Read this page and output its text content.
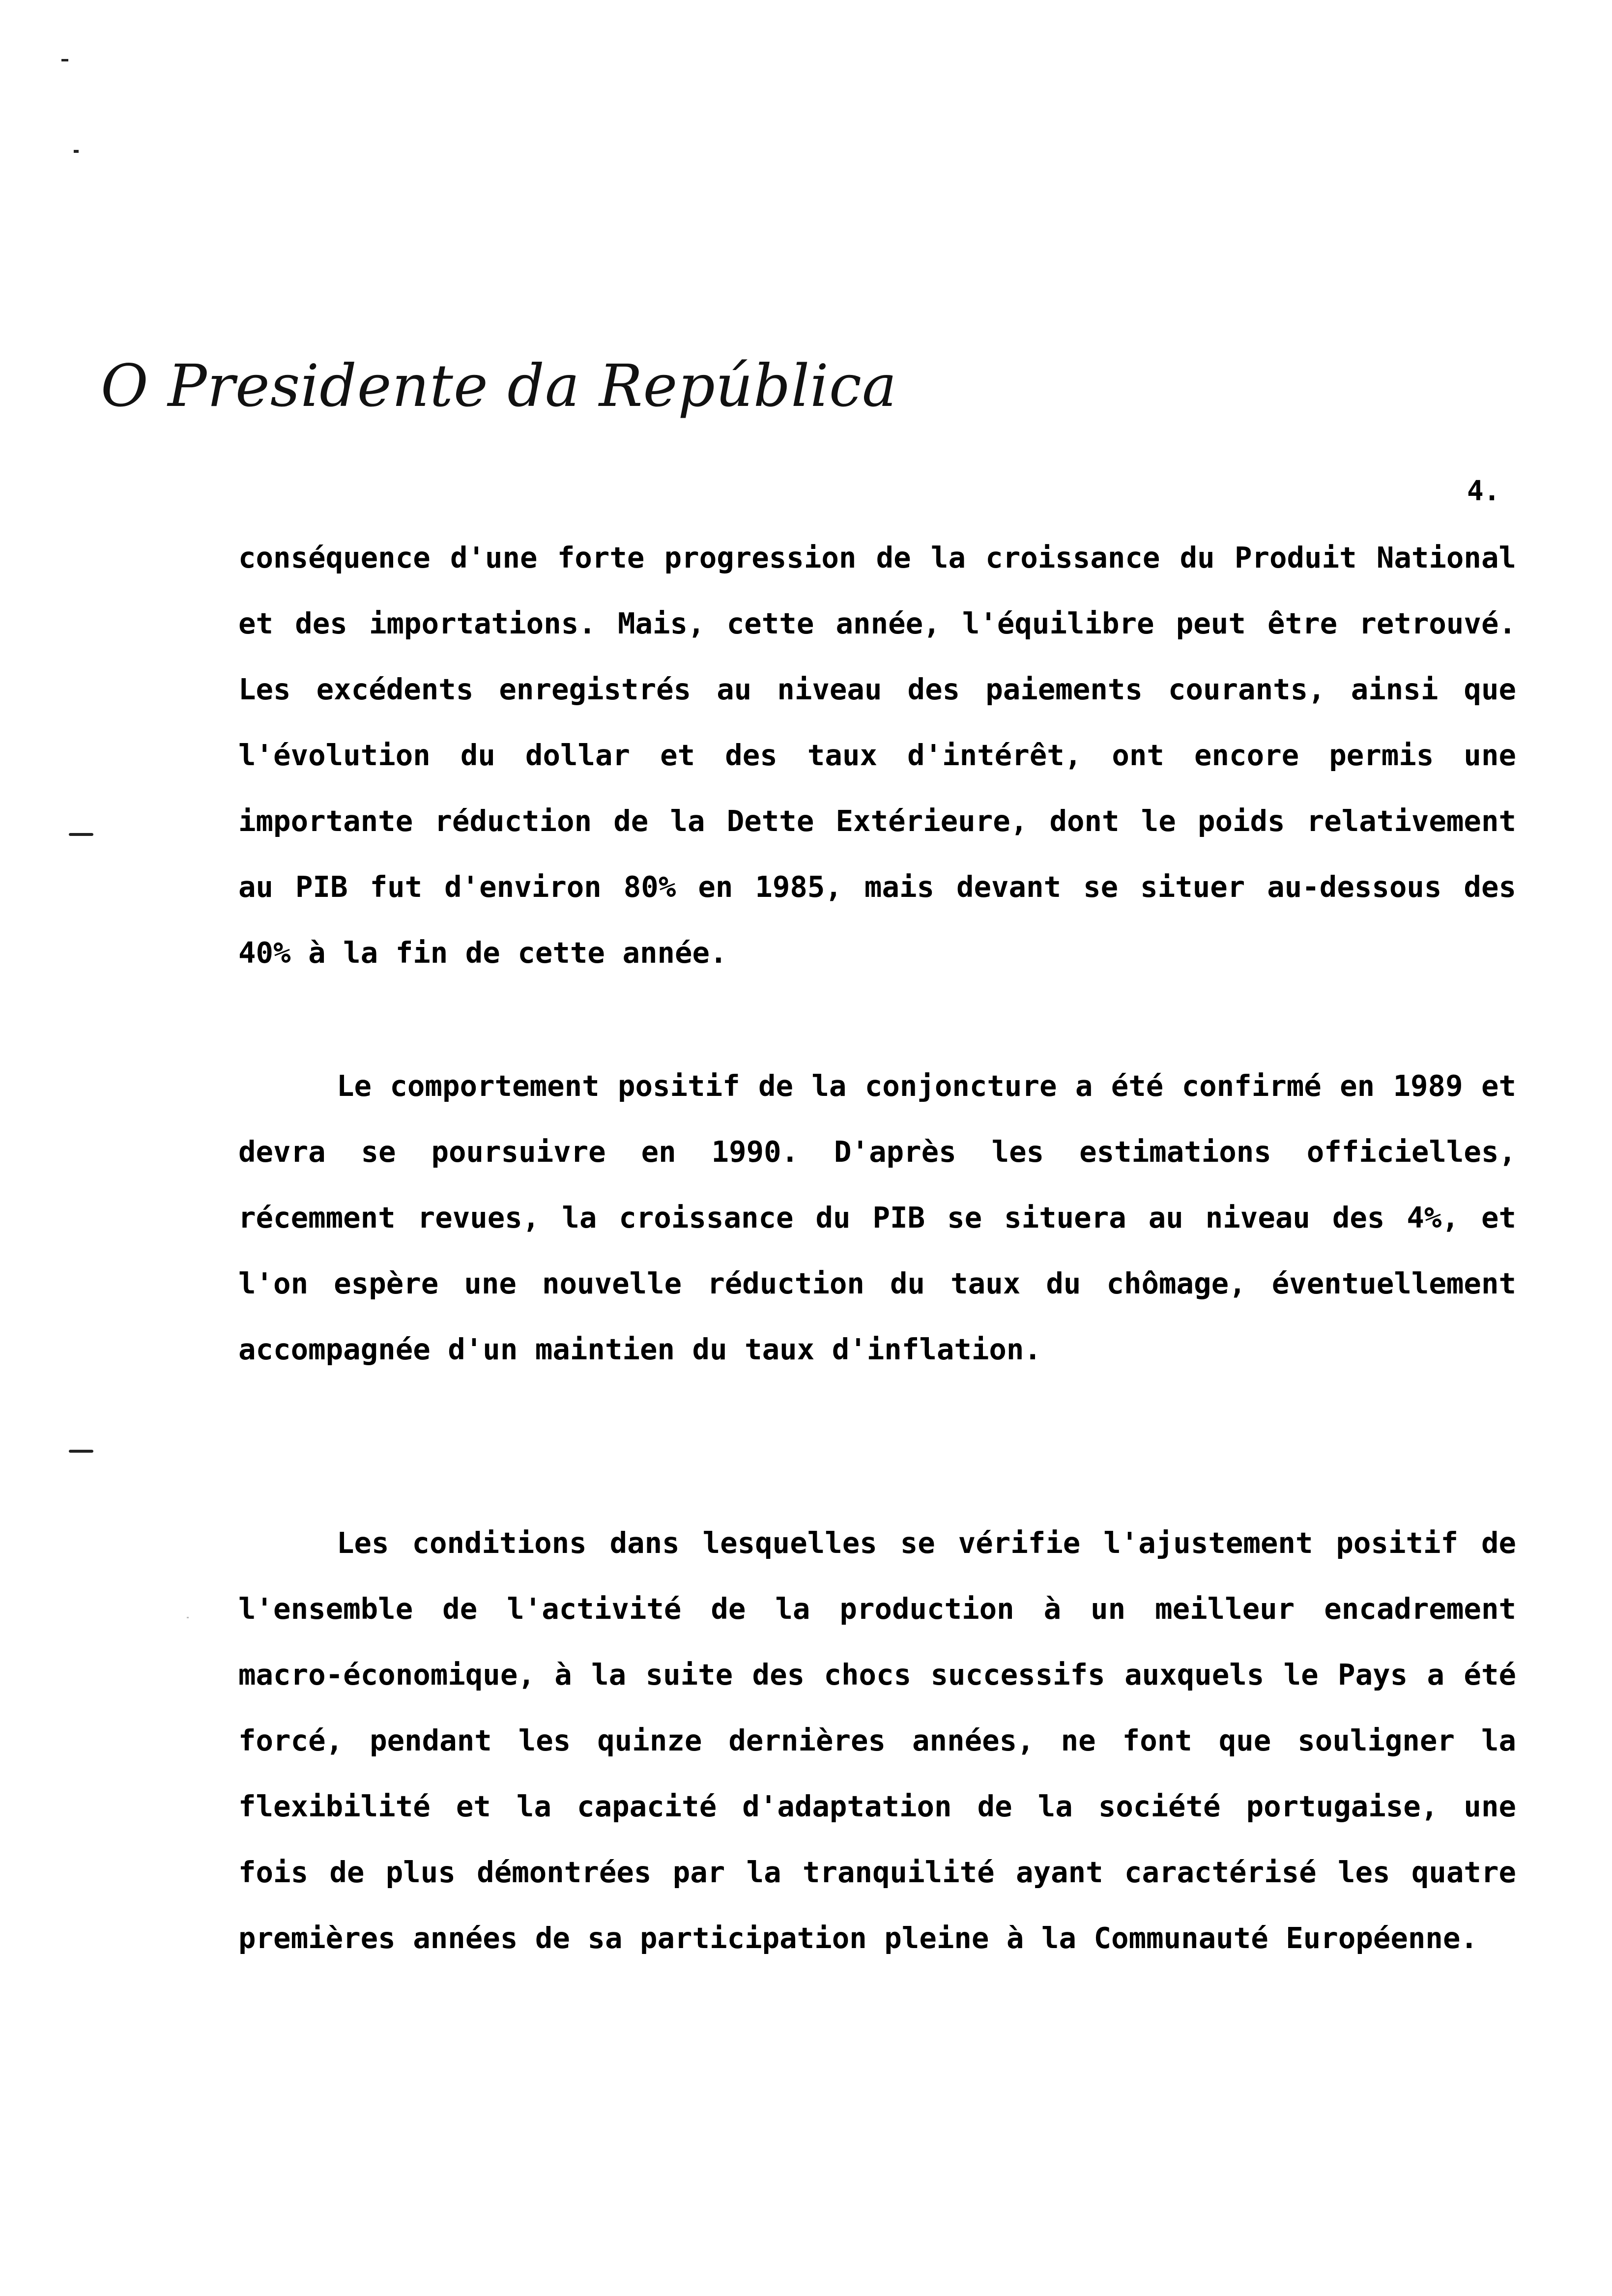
O Presidente da República
4.

conséquence d'une forte progression de la croissance du Produit National et des importations. Mais, cette année, l'équilibre peut être retrouvé. Les excédents enregistrés au niveau des paiements courants, ainsi que l'évolution du dollar et des taux d'intérêt, ont encore permis une importante réduction de la Dette Extérieure, dont le poids relativement au PIB fut d'environ 80% en 1985, mais devant se situer au-dessous des 40% à la fin de cette année.

Le comportement positif de la conjoncture a été confirmé en 1989 et devra se poursuivre en 1990. D'après les estimations officielles, récemment revues, la croissance du PIB se situera au niveau des 4%, et l'on espère une nouvelle réduction du taux du chômage, éventuellement accompagnée d'un maintien du taux d'inflation.

Les conditions dans lesquelles se vérifie l'ajustement positif de l'ensemble de l'activité de la production à un meilleur encadrement macro-économique, à la suite des chocs successifs auxquels le Pays a été forcé, pendant les quinze dernières années, ne font que souligner la flexibilité et la capacité d'adaptation de la société portugaise, une fois de plus démontrées par la tranquilité ayant caractérisé les quatre premières années de sa participation pleine à la Communauté Européenne.
